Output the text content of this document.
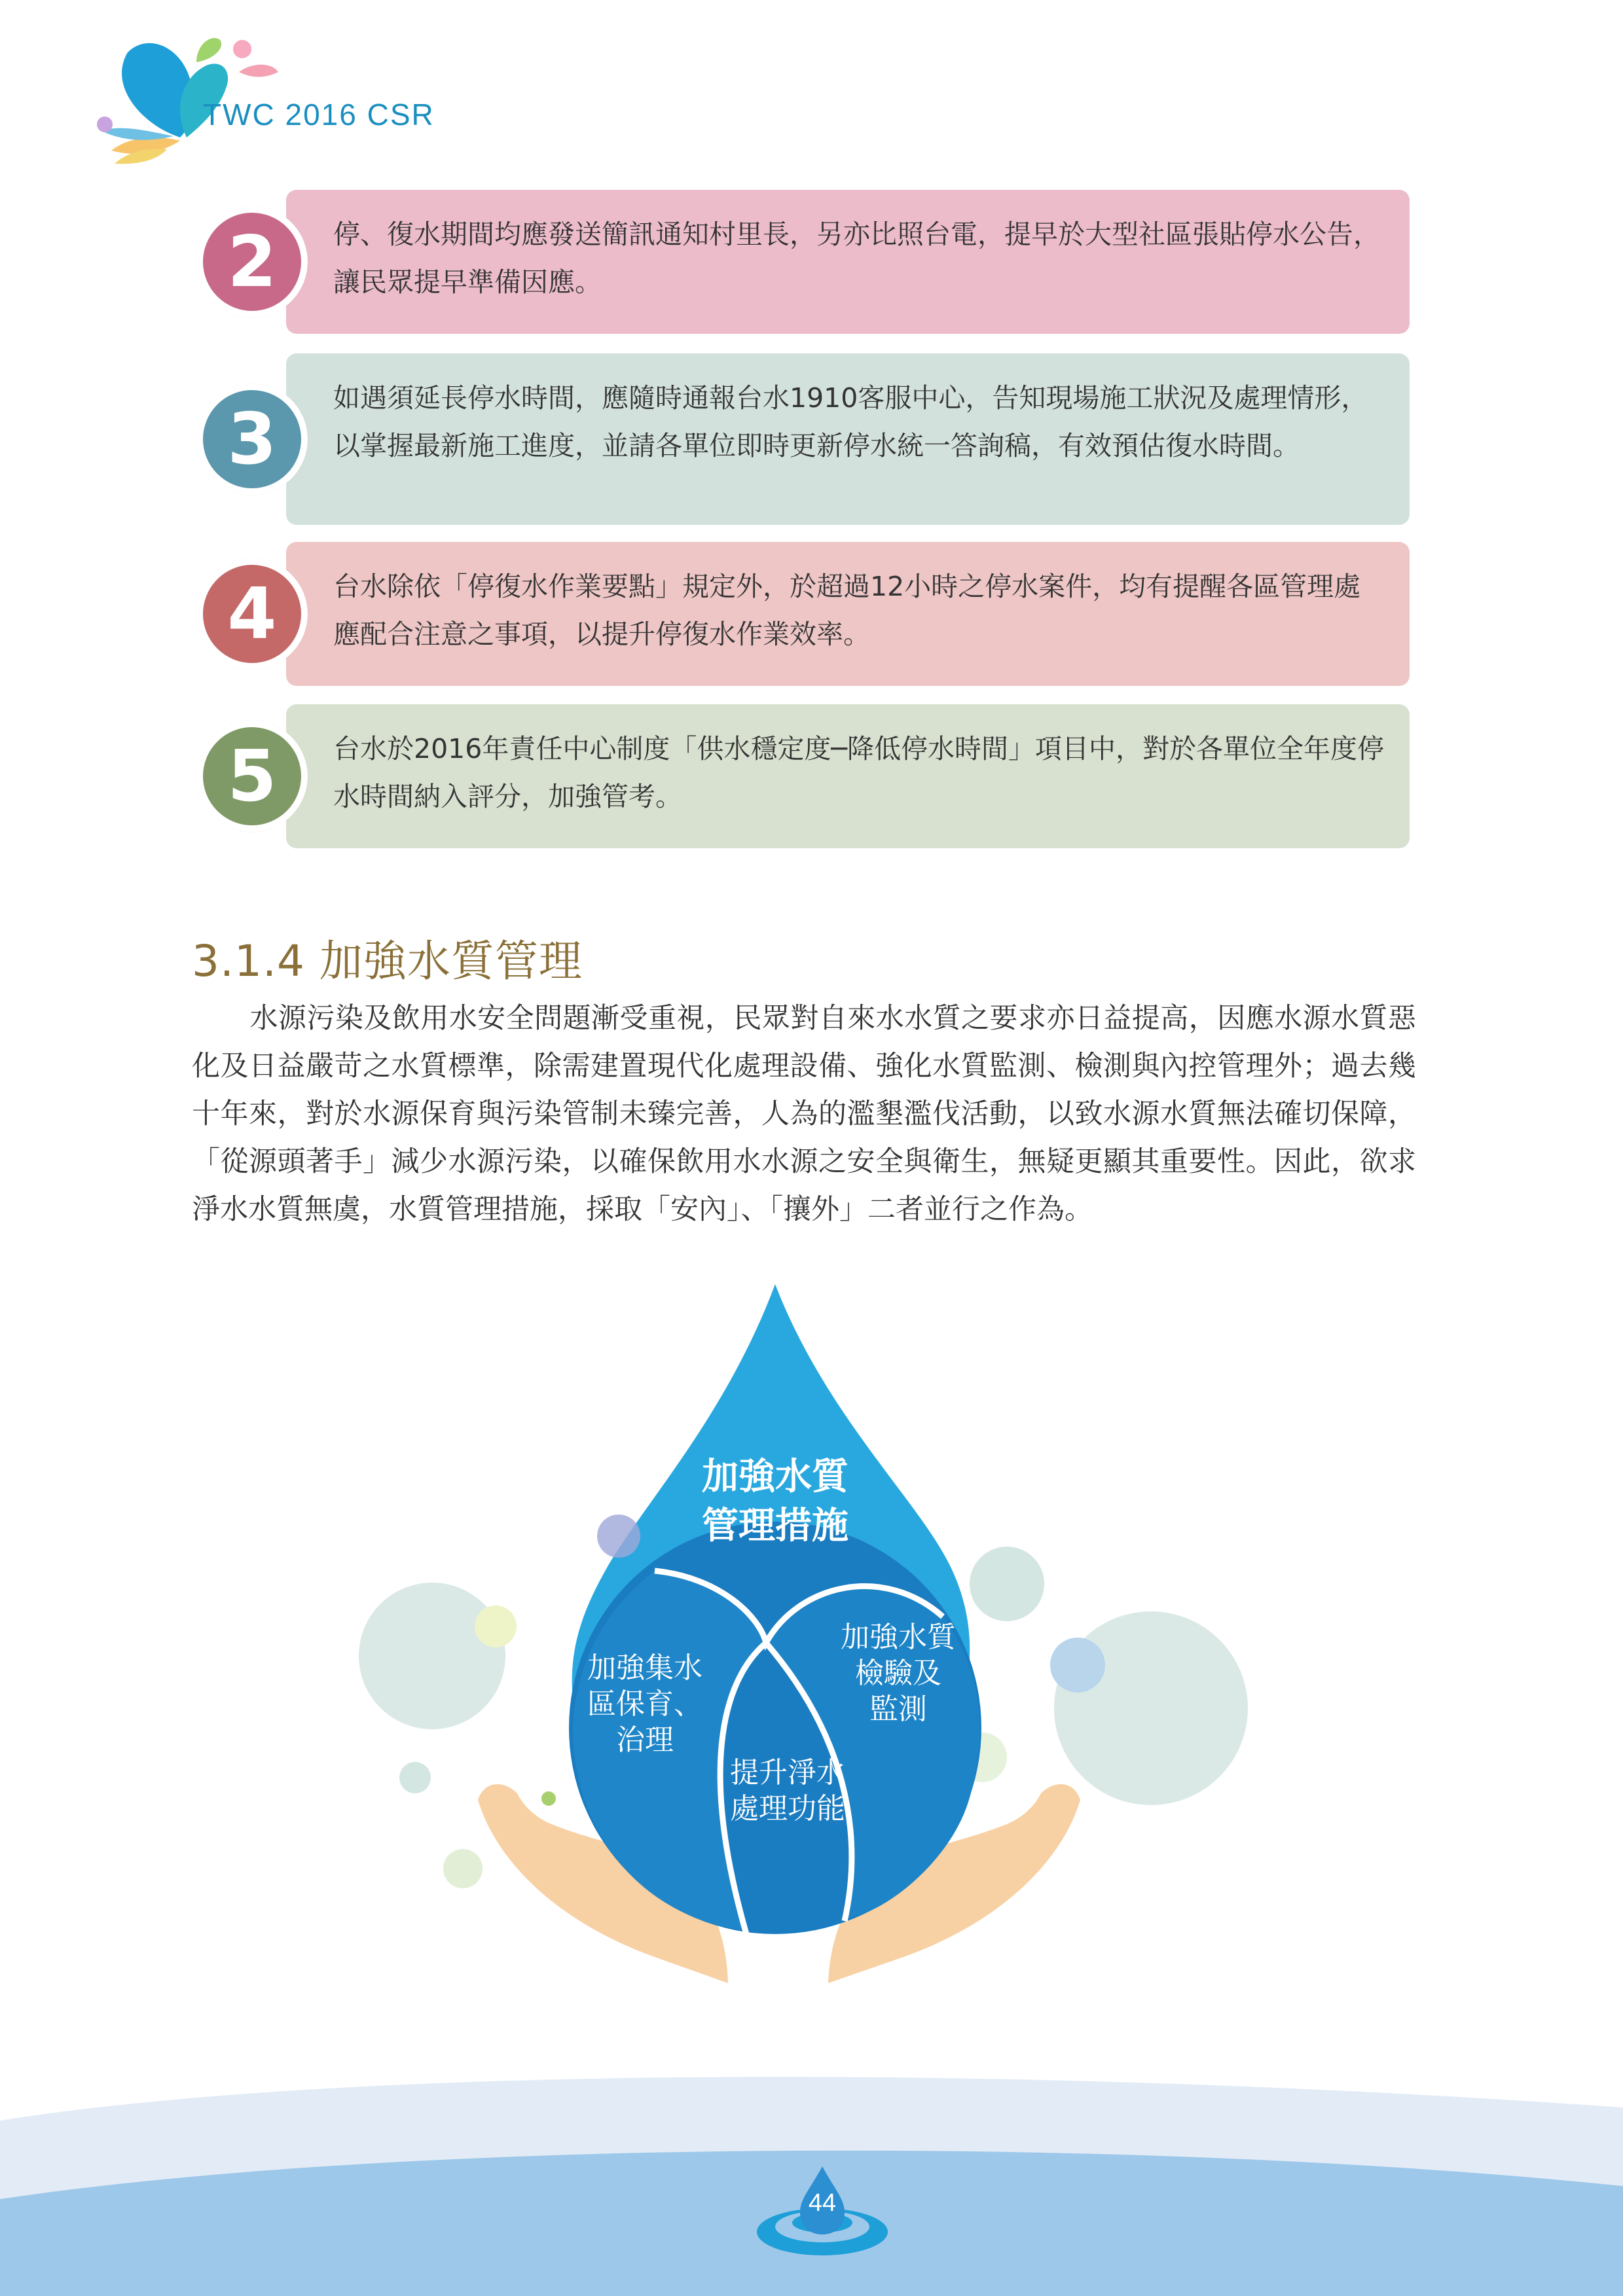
TWC 2016 CSR
停、復水期間均應發送簡訊通知村里長，另亦比照台電，提早於大型社區張貼停水公告，讓民眾提早準備因應。
2
如遇須延長停水時間，應隨時通報台水1910客服中心，告知現場施工狀況及處理情形，以掌握最新施工進度，並請各單位即時更新停水統一答詢稿，有效預估復水時間。
3
台水除依「停復水作業要點」規定外，於超過12小時之停水案件，均有提醒各區管理處應配合注意之事項，以提升停復水作業效率。
4
台水於2016年責任中心制度「供水穩定度─降低停水時間」項目中，對於各單位全年度停水時間納入評分，加強管考。
5
3.1.4 加強水質管理
水源污染及飲用水安全問題漸受重視，民眾對自來水水質之要求亦日益提高，因應水源水質惡化及日益嚴苛之水質標準，除需建置現代化處理設備、強化水質監測、檢測與內控管理外；過去幾十年來，對於水源保育與污染管制未臻完善，人為的濫墾濫伐活動，以致水源水質無法確切保障，「從源頭著手」減少水源污染，以確保飲用水水源之安全與衛生，無疑更顯其重要性。因此，欲求淨水水質無虞，水質管理措施，採取「安內」、「攘外」二者並行之作為。
加強水質
管理措施
加強集水
區保育、
治理
加強水質
檢驗及
監測
提升淨水
處理功能
44
